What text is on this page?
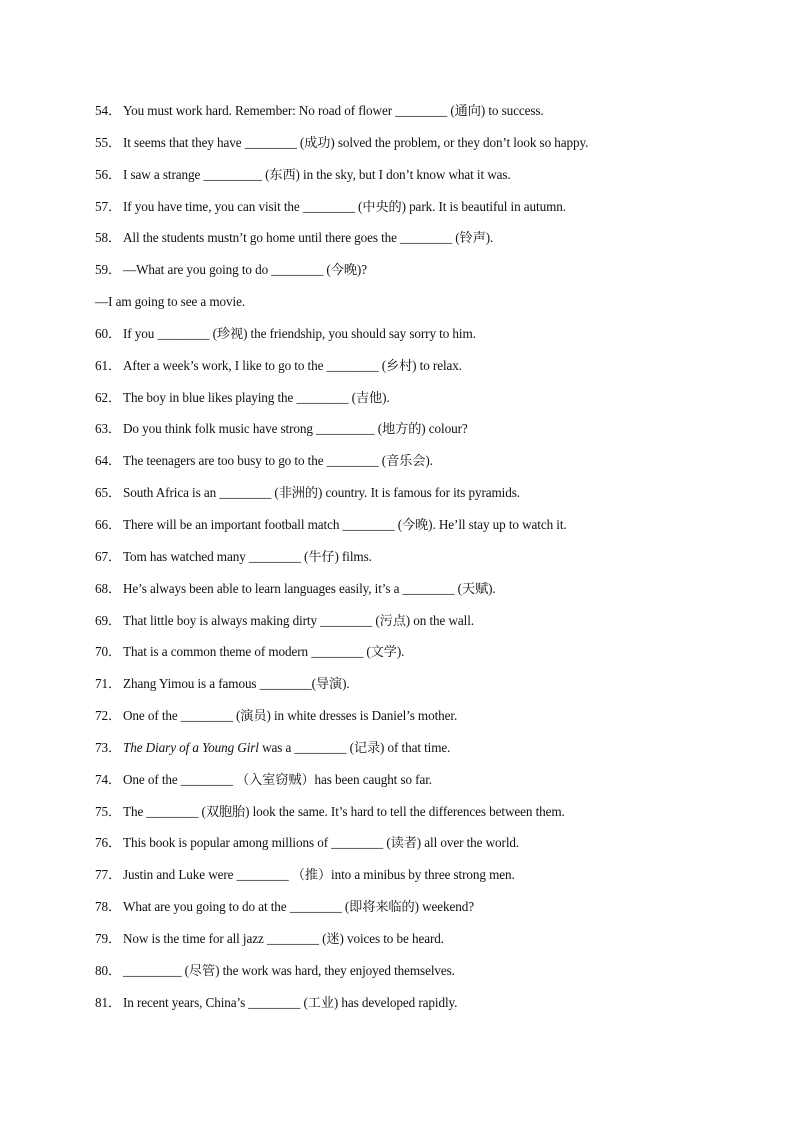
54． You must work hard. Remember: No road of flower ________ (通向) to success.
55． It seems that they have ________ (成功) solved the problem, or they don’t look so happy.
56． I saw a strange _________ (东西) in the sky, but I don’t know what it was.
57． If you have time, you can visit the ________ (中央的) park. It is beautiful in autumn.
58． All the students mustn’t go home until there goes the ________ (铃声).
59． —What are you going to do ________ (今晚)?
—I am going to see a movie.
60． If you ________ (珍视) the friendship, you should say sorry to him.
61． After a week’s work, I like to go to the ________ (乡村) to relax.
62． The boy in blue likes playing the ________ (吉他).
63． Do you think folk music have strong _________ (地方的) colour?
64． The teenagers are too busy to go to the ________ (音乐会).
65． South Africa is an ________ (非洲的) country. It is famous for its pyramids.
66． There will be an important football match ________ (今晚). He’ll stay up to watch it.
67． Tom has watched many ________ (牛仔) films.
68． He’s always been able to learn languages easily, it’s a ________ (天赋).
69． That little boy is always making dirty ________ (污点) on the wall.
70． That is a common theme of modern ________ (文学).
71． Zhang Yimou is a famous ________(导演).
72． One of the ________ (演员) in white dresses is Daniel’s mother.
73． The Diary of a Young Girl was a ________ (记录) of that time.
74． One of the ________ （入室窃贼）has been caught so far.
75． The ________ (双胞胎) look the same. It’s hard to tell the differences between them.
76． This book is popular among millions of ________ (读者) all over the world.
77． Justin and Luke were ________ （推）into a minibus by three strong men.
78． What are you going to do at the ________ (即将来临的) weekend?
79． Now is the time for all jazz ________ (迷) voices to be heard.
80． _________ (尽管) the work was hard, they enjoyed themselves.
81． In recent years, China’s ________ (工业) has developed rapidly.
